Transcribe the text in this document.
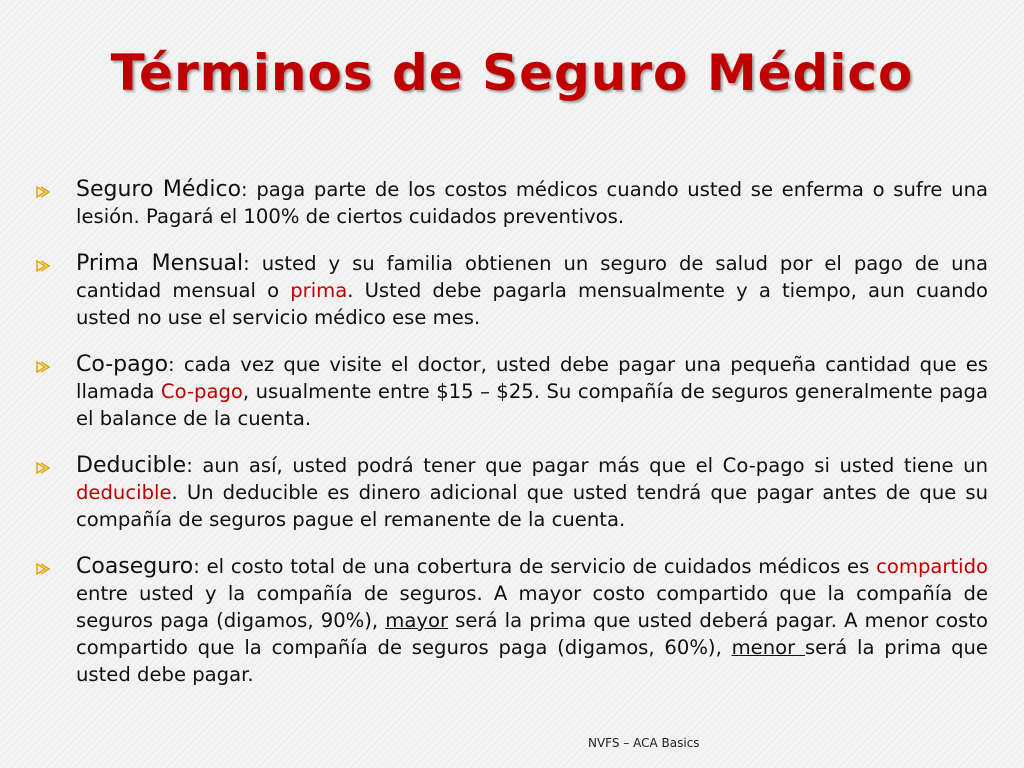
Términos de Seguro Médico
Seguro Médico: paga parte de los costos médicos cuando usted se enferma o sufre una lesión. Pagará el 100% de ciertos cuidados preventivos.
Prima Mensual: usted y su familia obtienen un seguro de salud por el pago de una cantidad mensual o prima. Usted debe pagarla mensualmente y a tiempo, aun cuando usted no use el servicio médico ese mes.
Co-pago: cada vez que visite el doctor, usted debe pagar una pequeña cantidad que es llamada Co-pago, usualmente entre $15 – $25. Su compañía de seguros generalmente paga el balance de la cuenta.
Deducible: aun así, usted podrá tener que pagar más que el Co-pago si usted tiene un deducible. Un deducible es dinero adicional que usted tendrá que pagar antes de que su compañía de seguros pague el remanente de la cuenta.
Coaseguro: el costo total de una cobertura de servicio de cuidados médicos es compartido entre usted y la compañía de seguros. A mayor costo compartido que la compañía de seguros paga (digamos, 90%), mayor será la prima que usted deberá pagar. A menor costo compartido que la compañía de seguros paga (digamos, 60%), menor será la prima que usted debe pagar.
NVFS – ACA Basics
